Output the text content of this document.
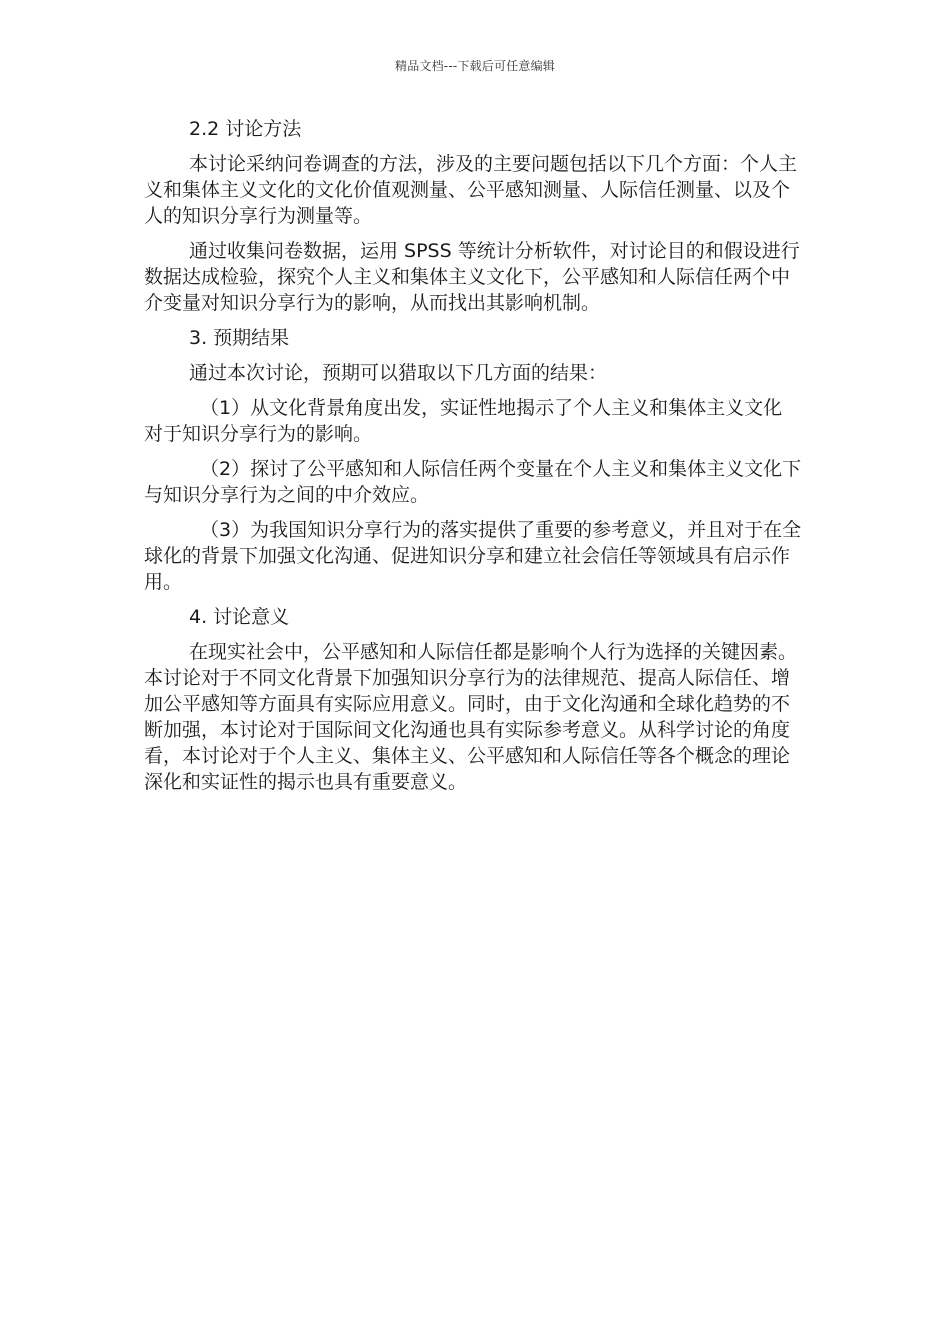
精品文档---下载后可任意编辑

2.2 讨论方法

本讨论采纳问卷调查的方法，涉及的主要问题包括以下几个方面：个人主义和集体主义文化的文化价值观测量、公平感知测量、人际信任测量、以及个人的知识分享行为测量等。

通过收集问卷数据，运用 SPSS 等统计分析软件，对讨论目的和假设进行数据达成检验，探究个人主义和集体主义文化下，公平感知和人际信任两个中介变量对知识分享行为的影响，从而找出其影响机制。

3. 预期结果

通过本次讨论，预期可以猎取以下几方面的结果：

（1）从文化背景角度出发，实证性地揭示了个人主义和集体主义文化 对于知识分享行为的影响。

（2）探讨了公平感知和人际信任两个变量在个人主义和集体主义文化下 与知识分享行为之间的中介效应。

（3）为我国知识分享行为的落实提供了重要的参考意义，并且对于在全球化的背景下加强文化沟通、促进知识分享和建立社会信任等领域具有启示作用。

4. 讨论意义

在现实社会中，公平感知和人际信任都是影响个人行为选择的关键因素。本讨论对于不同文化背景下加强知识分享行为的法律规范、提高人际信任、增加公平感知等方面具有实际应用意义。同时，由于文化沟通和全球化趋势的不断加强，本讨论对于国际间文化沟通也具有实际参考意义。从科学讨论的角度看，本讨论对于个人主义、集体主义、公平感知和人际信任等各个概念的理论深化和实证性的揭示也具有重要意义。
